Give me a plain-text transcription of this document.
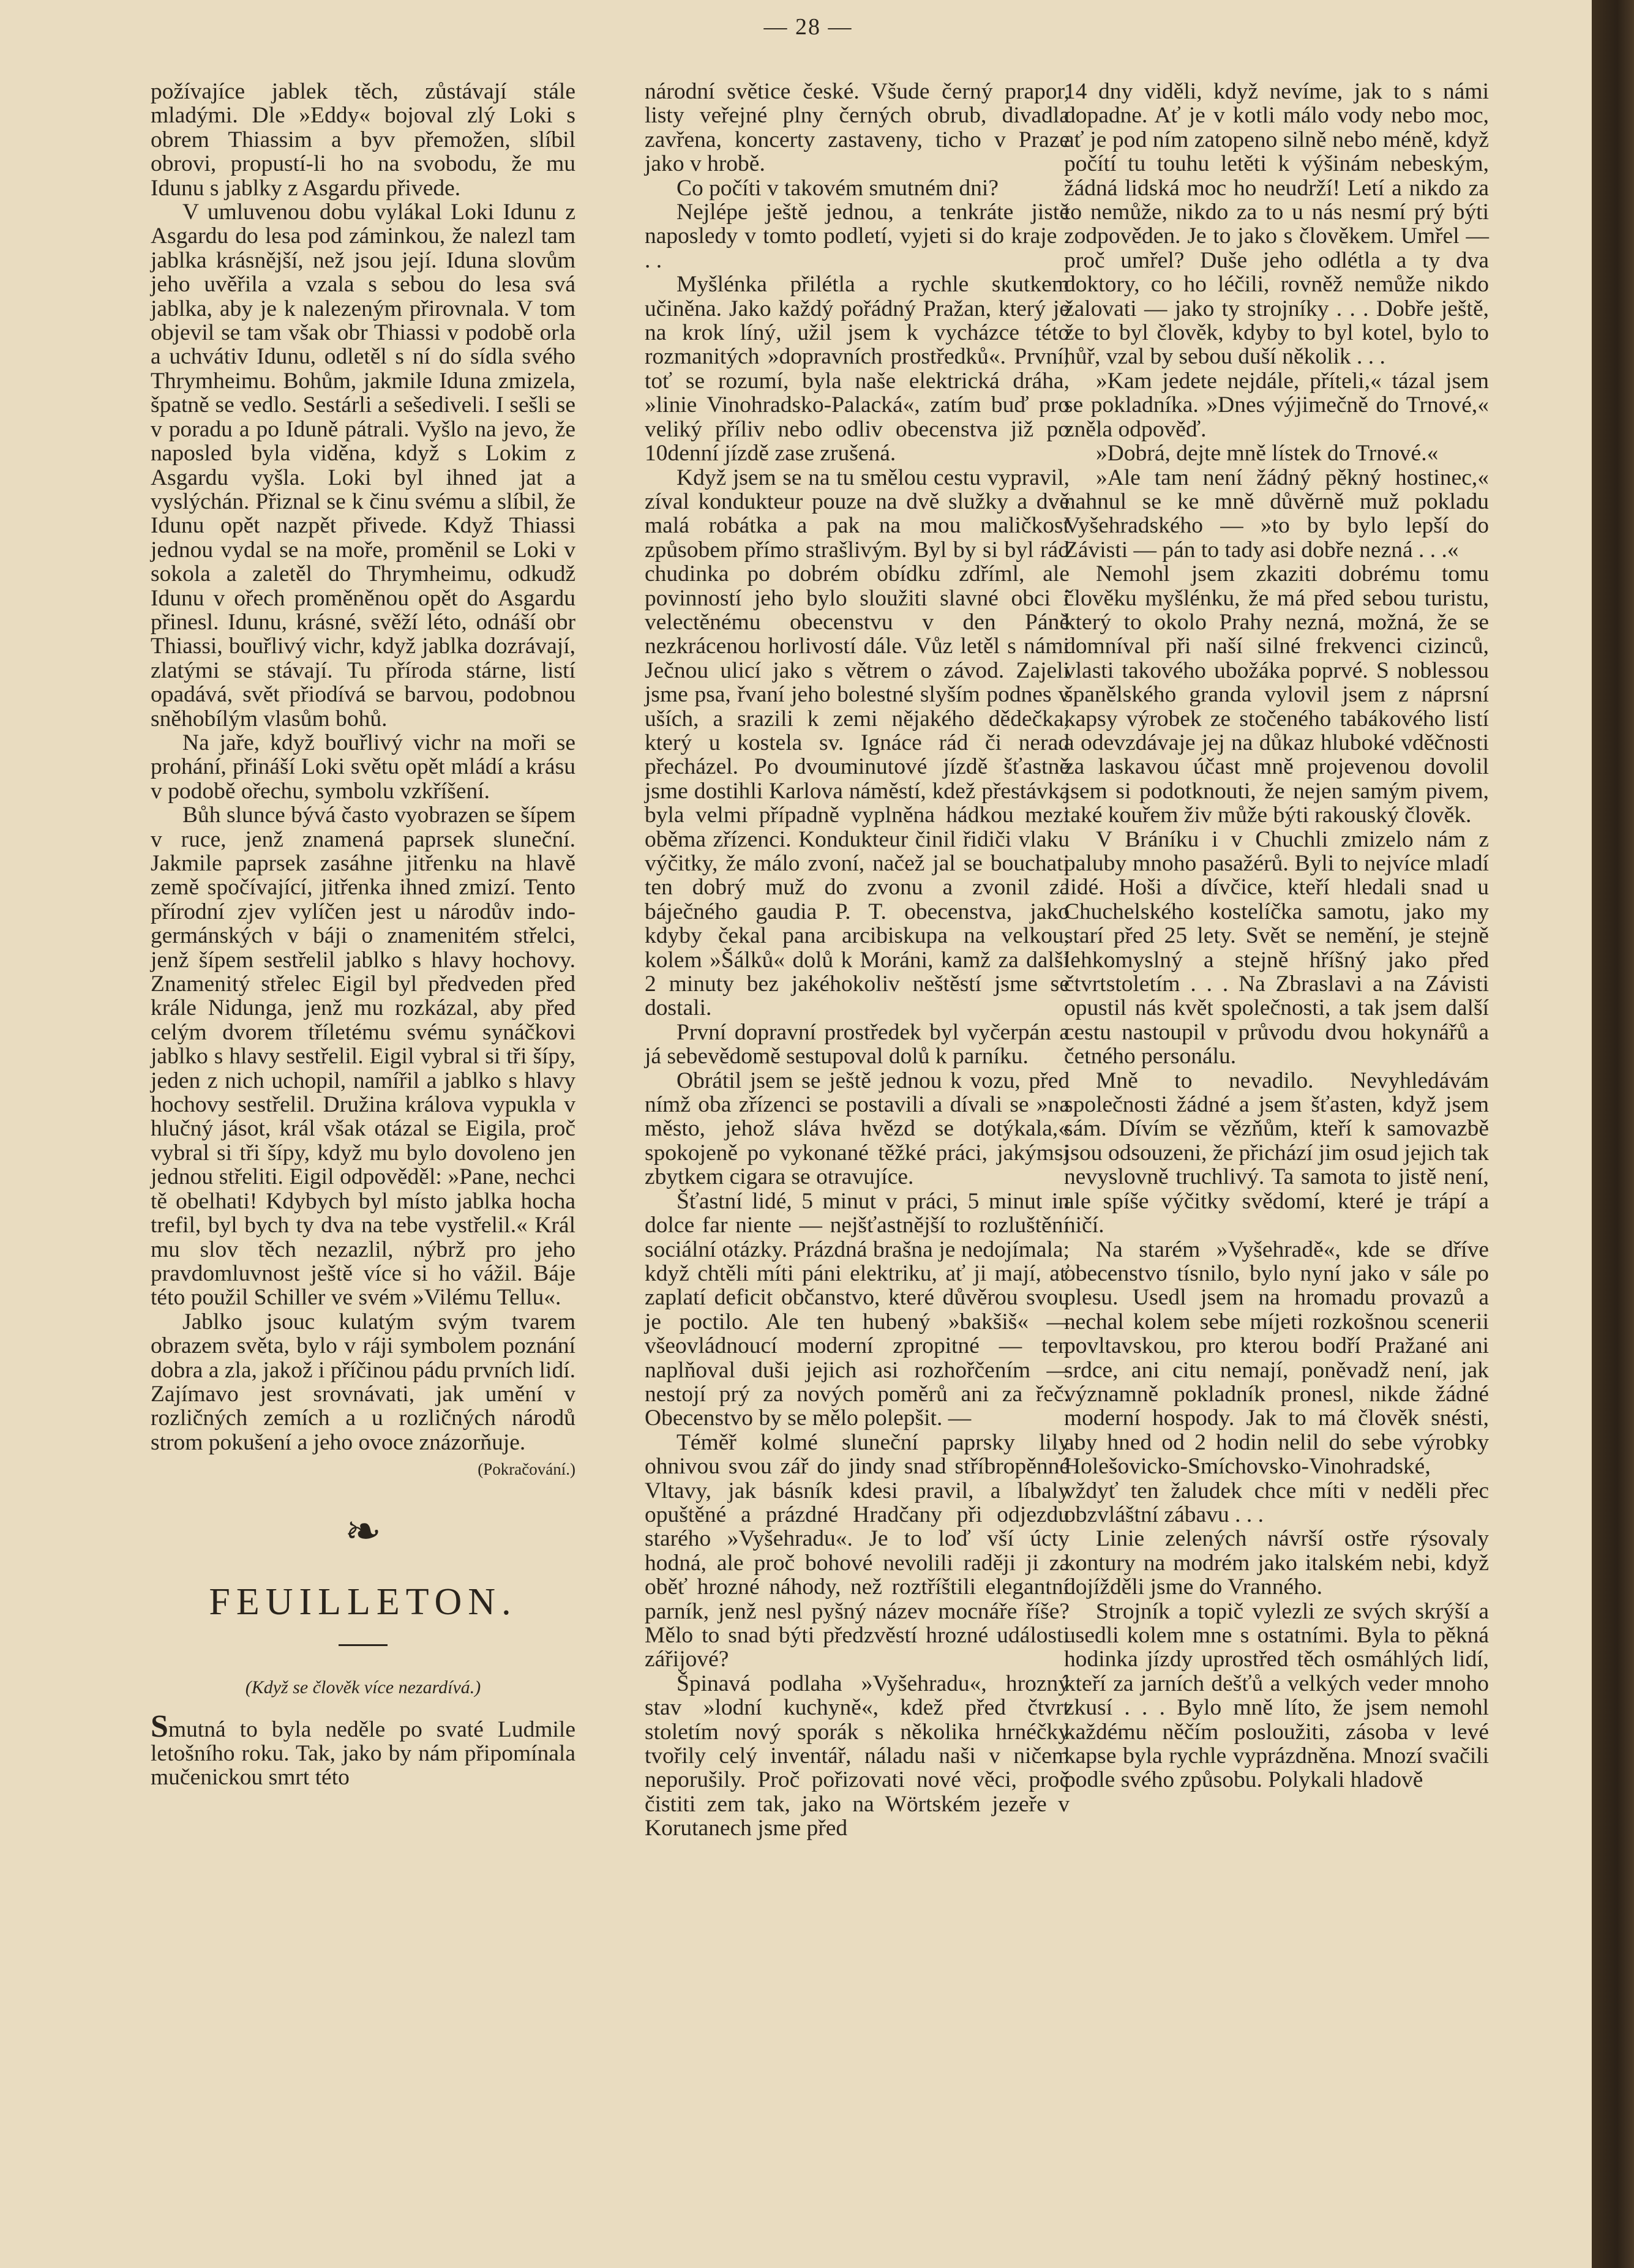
— 28 —

požívajíce jablek těch, zůstávají stále mladými. Dle »Eddy« bojoval zlý Loki s obrem Thiassim a byv přemožen, slíbil obrovi, propustí-li ho na svobodu, že mu Idunu s jablky z Asgardu přivede.

V umluvenou dobu vylákal Loki Idunu z Asgardu do lesa pod záminkou, že nalezl tam jablka krásnější, než jsou její. Iduna slovům jeho uvěřila a vzala s sebou do lesa svá jablka, aby je k nalezeným přirovnala. V tom objevil se tam však obr Thiassi v podobě orla a uchvátiv Idunu, odletěl s ní do sídla svého Thrymheimu. Bohům, jakmile Iduna zmizela, špatně se vedlo. Sestárli a sešediveli. I sešli se v poradu a po Iduně pátrali. Vyšlo na jevo, že naposled byla viděna, když s Lokim z Asgardu vyšla. Loki byl ihned jat a vyslýchán. Přiznal se k činu svému a slíbil, že Idunu opět nazpět přivede. Když Thiassi jednou vydal se na moře, proměnil se Loki v sokola a zaletěl do Thrymheimu, odkudž Idunu v ořech proměněnou opět do Asgardu přinesl. Idunu, krásné, svěží léto, odnáší obr Thiassi, bouřlivý vichr, když jablka dozrávají, zlatými se stávají. Tu příroda stárne, listí opadává, svět přiodívá se barvou, podobnou sněhobílým vlasům bohů.

Na jaře, když bouřlivý vichr na moři se prohání, přináší Loki světu opět mládí a krásu v podobě ořechu, symbolu vzkříšení.

Bůh slunce bývá často vyobrazen se šípem v ruce, jenž znamená paprsek sluneční. Jakmile paprsek zasáhne jitřenku na hlavě země spočívající, jitřenka ihned zmizí. Tento přírodní zjev vylíčen jest u národův indo-germánských v báji o znamenitém střelci, jenž šípem sestřelil jablko s hlavy hochovy. Znamenitý střelec Eigil byl předveden před krále Nidunga, jenž mu rozkázal, aby před celým dvorem tříletému svému synáčkovi jablko s hlavy sestřelil. Eigil vybral si tři šípy, jeden z nich uchopil, namířil a jablko s hlavy hochovy sestřelil. Družina králova vypukla v hlučný jásot, král však otázal se Eigila, proč vybral si tři šípy, když mu bylo dovoleno jen jednou střeliti. Eigil odpověděl: »Pane, nechci tě obelhati! Kdybych byl místo jablka hocha trefil, byl bych ty dva na tebe vystřelil.« Král mu slov těch nezazlil, nýbrž pro jeho pravdomluvnost ještě více si ho vážil. Báje této použil Schiller ve svém »Vilému Tellu«.

Jablko jsouc kulatým svým tvarem obrazem světa, bylo v ráji symbolem poznání dobra a zla, jakož i příčinou pádu prvních lidí. Zajímavo jest srovnávati, jak umění v rozličných zemích a u rozličných národů strom pokušení a jeho ovoce znázorňuje.

(Pokračování.)
❧
FEUILLETON.
(Když se člověk více nezardívá.)

Smutná to byla neděle po svaté Ludmile letošního roku. Tak, jako by nám připomínala mučenickou smrt této

národní světice české. Všude černý prapor, listy veřejné plny černých obrub, divadla zavřena, koncerty zastaveny, ticho v Praze jako v hrobě.

Co počíti v takovém smutném dni?

Nejlépe ještě jednou, a tenkráte jistě naposledy v tomto podletí, vyjeti si do kraje . . .

Myšlénka přilétla a rychle skutkem učiněna. Jako každý pořádný Pražan, který je na krok líný, užil jsem k vycházce této rozmanitých »dopravních prostředků«. První, toť se rozumí, byla naše elektrická dráha, »linie Vinohradsko-Palacká«, zatím buď pro veliký příliv nebo odliv obecenstva již po 10denní jízdě zase zrušená.

Když jsem se na tu smělou cestu vypravil, zíval kondukteur pouze na dvě služky a dvě malá robátka a pak na mou maličkost způsobem přímo strašlivým. Byl by si byl rád chudinka po dobrém obídku zdříml, ale povinností jeho bylo sloužiti slavné obci i velectěnému obecenstvu v den Páně nezkrácenou horlivostí dále. Vůz letěl s námi Ječnou ulicí jako s větrem o závod. Zajeli jsme psa, řvaní jeho bolestné slyším podnes v uších, a srazili k zemi nějakého dědečka, který u kostela sv. Ignáce rád či nerad přecházel. Po dvouminutové jízdě šťastně jsme dostihli Karlova náměstí, kdež přestávka byla velmi případně vyplněna hádkou mezi oběma zřízenci. Kondukteur činil řidiči vlaku výčitky, že málo zvoní, načež jal se bouchati ten dobrý muž do zvonu a zvonil za báječného gaudia P. T. obecenstva, jako kdyby čekal pana arcibiskupa na velkou, kolem »Šálků« dolů k Moráni, kamž za další 2 minuty bez jakéhokoliv neštěstí jsme se dostali.

První dopravní prostředek byl vyčerpán a já sebevědomě sestupoval dolů k parníku.

Obrátil jsem se ještě jednou k vozu, před nímž oba zřízenci se postavili a dívali se »na město, jehož sláva hvězd se dotýkala,« spokojeně po vykonané těžké práci, jakýmsi zbytkem cigara se otravujíce.

Šťastní lidé, 5 minut v práci, 5 minut in dolce far niente — nejšťastnější to rozluštění sociální otázky. Prázdná brašna je nedojímala; když chtěli míti páni elektriku, ať ji mají, ať zaplatí deficit občanstvo, které důvěrou svou je poctilo. Ale ten hubený »bakšiš« — všeovládnoucí moderní zpropitné — ten naplňoval duši jejich asi rozhořčením — nestojí prý za nových poměrů ani za řeč. Obecenstvo by se mělo polepšit. —

Téměř kolmé sluneční paprsky lily ohnivou svou zář do jindy snad stříbropěnné Vltavy, jak básník kdesi pravil, a líbaly opuštěné a prázdné Hradčany při odjezdu starého »Vyšehradu«. Je to loď vší úcty hodná, ale proč bohové nevolili raději ji za oběť hrozné náhody, než roztříštili elegantní parník, jenž nesl pyšný název mocnáře říše? Mělo to snad býti předzvěstí hrozné události zářijové?

Špinavá podlaha »Vyšehradu«, hrozný stav »lodní kuchyně«, kdež před čtvrt stoletím nový sporák s několika hrnéčky tvořily celý inventář, náladu naši v ničem neporušily. Proč pořizovati nové věci, proč čistiti zem tak, jako na Wörtském jezeře v Korutanech jsme před

14 dny viděli, když nevíme, jak to s námi dopadne. Ať je v kotli málo vody nebo moc, ať je pod ním zatopeno silně nebo méně, když počítí tu touhu letěti k výšinám nebeským, žádná lidská moc ho neudrží! Letí a nikdo za to nemůže, nikdo za to u nás nesmí prý býti zodpověden. Je to jako s člověkem. Umřel — proč umřel? Duše jeho odlétla a ty dva doktory, co ho léčili, rovněž nemůže nikdo žalovati — jako ty strojníky . . . Dobře ještě, že to byl člověk, kdyby to byl kotel, bylo to hůř, vzal by sebou duší několik . . .

»Kam jedete nejdále, příteli,« tázal jsem se pokladníka. »Dnes výjimečně do Trnové,« zněla odpověď.

»Dobrá, dejte mně lístek do Trnové.«

»Ale tam není žádný pěkný hostinec,« nahnul se ke mně důvěrně muž pokladu Vyšehradského — »to by bylo lepší do Závisti — pán to tady asi dobře nezná . . .«

Nemohl jsem zkaziti dobrému tomu člověku myšlénku, že má před sebou turistu, který to okolo Prahy nezná, možná, že se domníval při naší silné frekvenci cizinců, vlasti takového ubožáka poprvé. S noblessou španělského granda vylovil jsem z náprsní kapsy výrobek ze stočeného tabákového listí a odevzdávaje jej na důkaz hluboké vděčnosti za laskavou účast mně projevenou dovolil jsem si podotknouti, že nejen samým pivem, také kouřem živ může býti rakouský člověk.

V Bráníku i v Chuchli zmizelo nám z paluby mnoho pasažérů. Byli to nejvíce mladí lidé. Hoši a dívčice, kteří hledali snad u Chuchelského kostelíčka samotu, jako my starí před 25 lety. Svět se nemění, je stejně lehkomyslný a stejně hříšný jako před čtvrtstoletím . . . Na Zbraslavi a na Závisti opustil nás květ společnosti, a tak jsem další cestu nastoupil v průvodu dvou hokynářů a četného personálu.

Mně to nevadilo. Nevyhledávám společnosti žádné a jsem šťasten, když jsem sám. Dívím se vězňům, kteří k samovazbě jsou odsouzeni, že přichází jim osud jejich tak nevyslovně truchlivý. Ta samota to jistě není, ale spíše výčitky svědomí, které je trápí a ničí.

Na starém »Vyšehradě«, kde se dříve obecenstvo tísnilo, bylo nyní jako v sále po plesu. Usedl jsem na hromadu provazů a nechal kolem sebe míjeti rozkošnou scenerii povltavskou, pro kterou bodří Pražané ani srdce, ani citu nemají, poněvadž není, jak významně pokladník pronesl, nikde žádné moderní hospody. Jak to má člověk snésti, aby hned od 2 hodin nelil do sebe výrobky Holešovicko-Smíchovsko-Vinohradské, vždyť ten žaludek chce míti v neděli přec obzvláštní zábavu . . .

Linie zelených návrší ostře rýsovaly kontury na modrém jako italském nebi, když dojížděli jsme do Vranného.

Strojník a topič vylezli ze svých skrýší a usedli kolem mne s ostatními. Byla to pěkná hodinka jízdy uprostřed těch osmáhlých lidí, kteří za jarních dešťů a velkých veder mnoho zkusí . . . Bylo mně líto, že jsem nemohl každému něčím posloužiti, zásoba v levé kapse byla rychle vyprázdněna. Mnozí svačili podle svého způsobu. Polykali hladově
